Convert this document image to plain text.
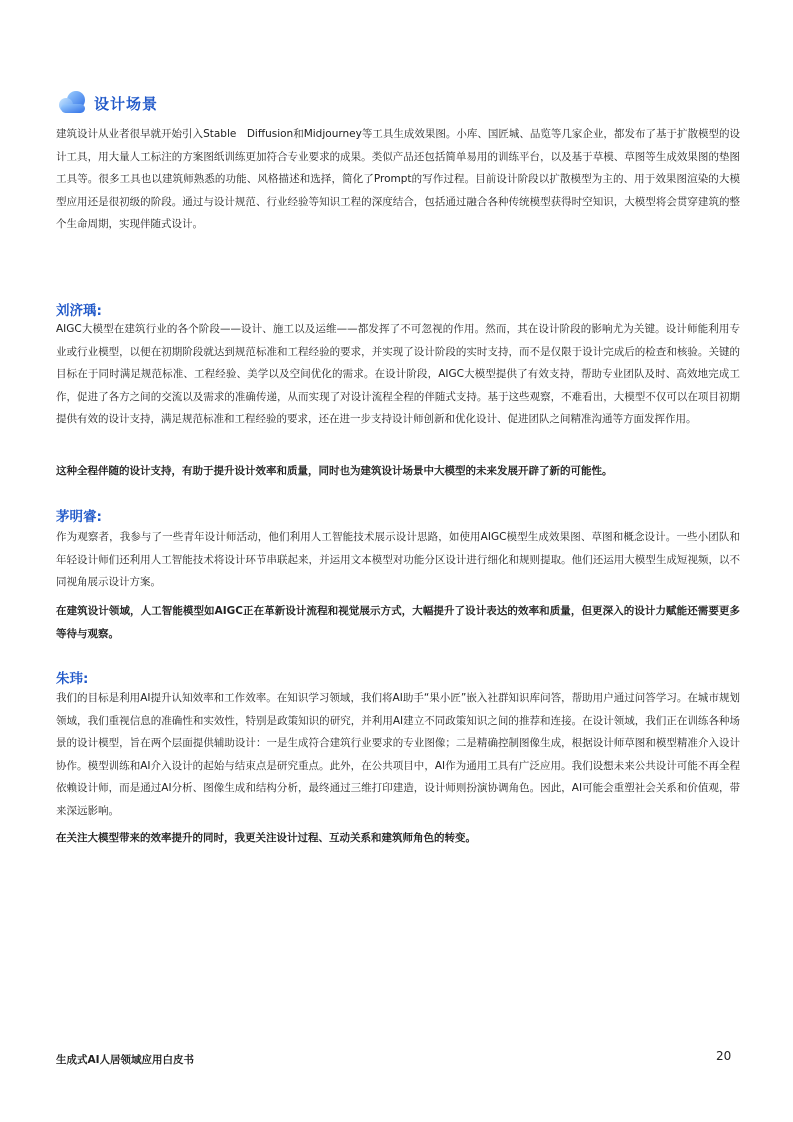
设计场景

建筑设计从业者很早就开始引入Stable　Diffusion和Midjourney等工具生成效果图。小库、国匠城、品览等几家企业，都发布了基于扩散模型的设计工具，用大量人工标注的方案图纸训练更加符合专业要求的成果。类似产品还包括简单易用的训练平台，以及基于草模、草图等生成效果图的垫图工具等。很多工具也以建筑师熟悉的功能、风格描述和选择，简化了Prompt的写作过程。目前设计阶段以扩散模型为主的、用于效果图渲染的大模型应用还是很初级的阶段。通过与设计规范、行业经验等知识工程的深度结合，包括通过融合各种传统模型获得时空知识，大模型将会贯穿建筑的整个生命周期，实现伴随式设计。

刘济瑀:

AIGC大模型在建筑行业的各个阶段——设计、施工以及运维——都发挥了不可忽视的作用。然而，其在设计阶段的影响尤为关键。设计师能利用专业或行业模型，以便在初期阶段就达到规范标准和工程经验的要求，并实现了设计阶段的实时支持，而不是仅限于设计完成后的检查和核验。关键的目标在于同时满足规范标准、工程经验、美学以及空间优化的需求。在设计阶段，AIGC大模型提供了有效支持，帮助专业团队及时、高效地完成工作，促进了各方之间的交流以及需求的准确传递，从而实现了对设计流程全程的伴随式支持。基于这些观察，不难看出，大模型不仅可以在项目初期提供有效的设计支持，满足规范标准和工程经验的要求，还在进一步支持设计师创新和优化设计、促进团队之间精准沟通等方面发挥作用。

这种全程伴随的设计支持，有助于提升设计效率和质量，同时也为建筑设计场景中大模型的未来发展开辟了新的可能性。

茅明睿:

作为观察者，我参与了一些青年设计师活动，他们利用人工智能技术展示设计思路，如使用AIGC模型生成效果图、草图和概念设计。一些小团队和年轻设计师们还利用人工智能技术将设计环节串联起来，并运用文本模型对功能分区设计进行细化和规则提取。他们还运用大模型生成短视频，以不同视角展示设计方案。

在建筑设计领域，人工智能模型如AIGC正在革新设计流程和视觉展示方式，大幅提升了设计表达的效率和质量，但更深入的设计力赋能还需要更多等待与观察。

朱玮:

我们的目标是利用AI提升认知效率和工作效率。在知识学习领域，我们将AI助手“果小匠”嵌入社群知识库问答，帮助用户通过问答学习。在城市规划领域，我们重视信息的准确性和实效性，特别是政策知识的研究，并利用AI建立不同政策知识之间的推荐和连接。在设计领域，我们正在训练各种场景的设计模型，旨在两个层面提供辅助设计：一是生成符合建筑行业要求的专业图像；二是精确控制图像生成，根据设计师草图和模型精准介入设计协作。模型训练和AI介入设计的起始与结束点是研究重点。此外，在公共项目中，AI作为通用工具有广泛应用。我们设想未来公共设计可能不再全程依赖设计师，而是通过AI分析、图像生成和结构分析，最终通过三维打印建造，设计师则扮演协调角色。因此，AI可能会重塑社会关系和价值观，带来深远影响。

在关注大模型带来的效率提升的同时，我更关注设计过程、互动关系和建筑师角色的转变。

生成式AI人居领域应用白皮书	20
